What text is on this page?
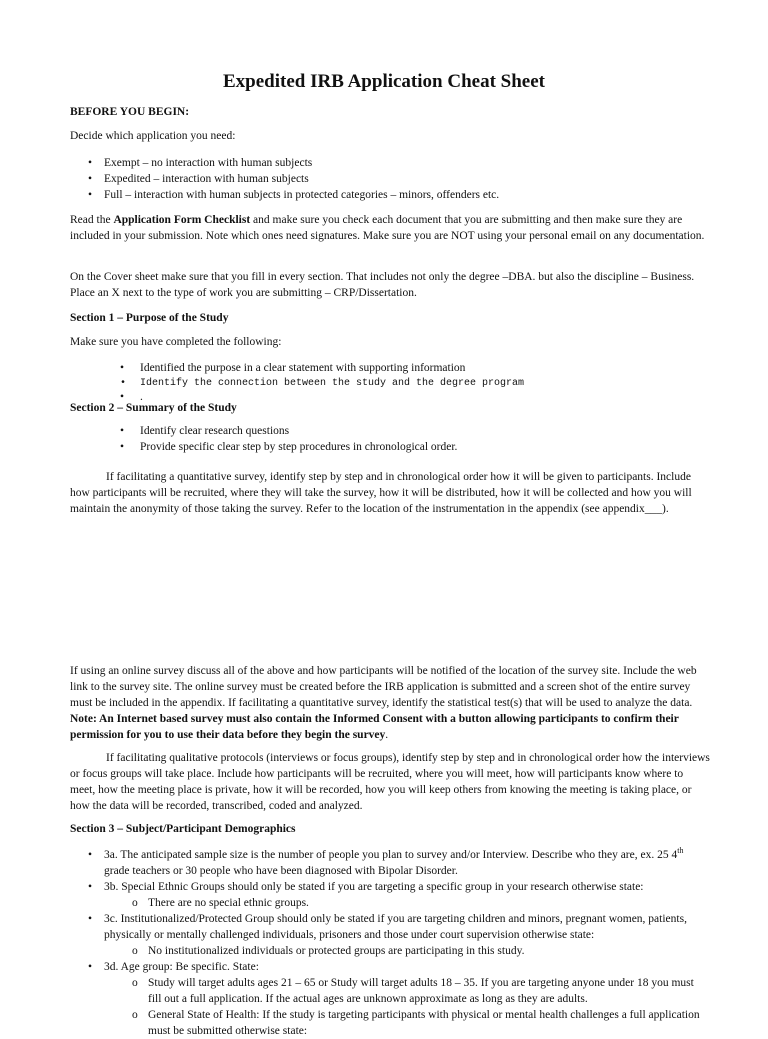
Expedited IRB Application Cheat Sheet

BEFORE YOU BEGIN:

Decide which application you need:

• Exempt – no interaction with human subjects
• Expedited – interaction with human subjects
• Full – interaction with human subjects in protected categories – minors, offenders etc.

Read the Application Form Checklist and make sure you check each document that you are submitting and then make sure they are included in your submission. Note which ones need signatures. Make sure you are NOT using your personal email on any documentation.

On the Cover sheet make sure that you fill in every section. That includes not only the degree –DBA. but also the discipline – Business. Place an X next to the type of work you are submitting – CRP/Dissertation.

Section 1 – Purpose of the Study

Make sure you have completed the following:

• Identified the purpose in a clear statement with supporting information
• Identify the connection between the study and the degree program
• .

Section 2 – Summary of the Study

• Identify clear research questions
• Provide specific clear step by step procedures in chronological order.

If facilitating a quantitative survey, identify step by step and in chronological order how it will be given to participants. Include how participants will be recruited, where they will take the survey, how it will be distributed, how it will be collected and how you will maintain the anonymity of those taking the survey. Refer to the location of the instrumentation in the appendix (see appendix___).

If using an online survey discuss all of the above and how participants will be notified of the location of the survey site. Include the web link to the survey site. The online survey must be created before the IRB application is submitted and a screen shot of the entire survey must be included in the appendix. If facilitating a quantitative survey, identify the statistical test(s) that will be used to analyze the data. Note: An Internet based survey must also contain the Informed Consent with a button allowing participants to confirm their permission for you to use their data before they begin the survey.

If facilitating qualitative protocols (interviews or focus groups), identify step by step and in chronological order how the interviews or focus groups will take place. Include how participants will be recruited, where you will meet, how will participants know where to meet, how the meeting place is private, how it will be recorded, how you will keep others from knowing the meeting is taking place, or how the data will be recorded, transcribed, coded and analyzed.

Section 3 – Subject/Participant Demographics

• 3a. The anticipated sample size is the number of people you plan to survey and/or Interview. Describe who they are, ex. 25 4th grade teachers or 30 people who have been diagnosed with Bipolar Disorder.
• 3b. Special Ethnic Groups should only be stated if you are targeting a specific group in your research otherwise state:
o There are no special ethnic groups.
• 3c. Institutionalized/Protected Group should only be stated if you are targeting children and minors, pregnant women, patients, physically or mentally challenged individuals, prisoners and those under court supervision otherwise state:
o No institutionalized individuals or protected groups are participating in this study.
• 3d. Age group: Be specific. State:
o Study will target adults ages 21 – 65 or Study will target adults 18 – 35. If you are targeting anyone under 18 you must fill out a full application. If the actual ages are unknown approximate as long as they are adults.
o General State of Health: If the study is targeting participants with physical or mental health challenges a full application must be submitted otherwise state:
